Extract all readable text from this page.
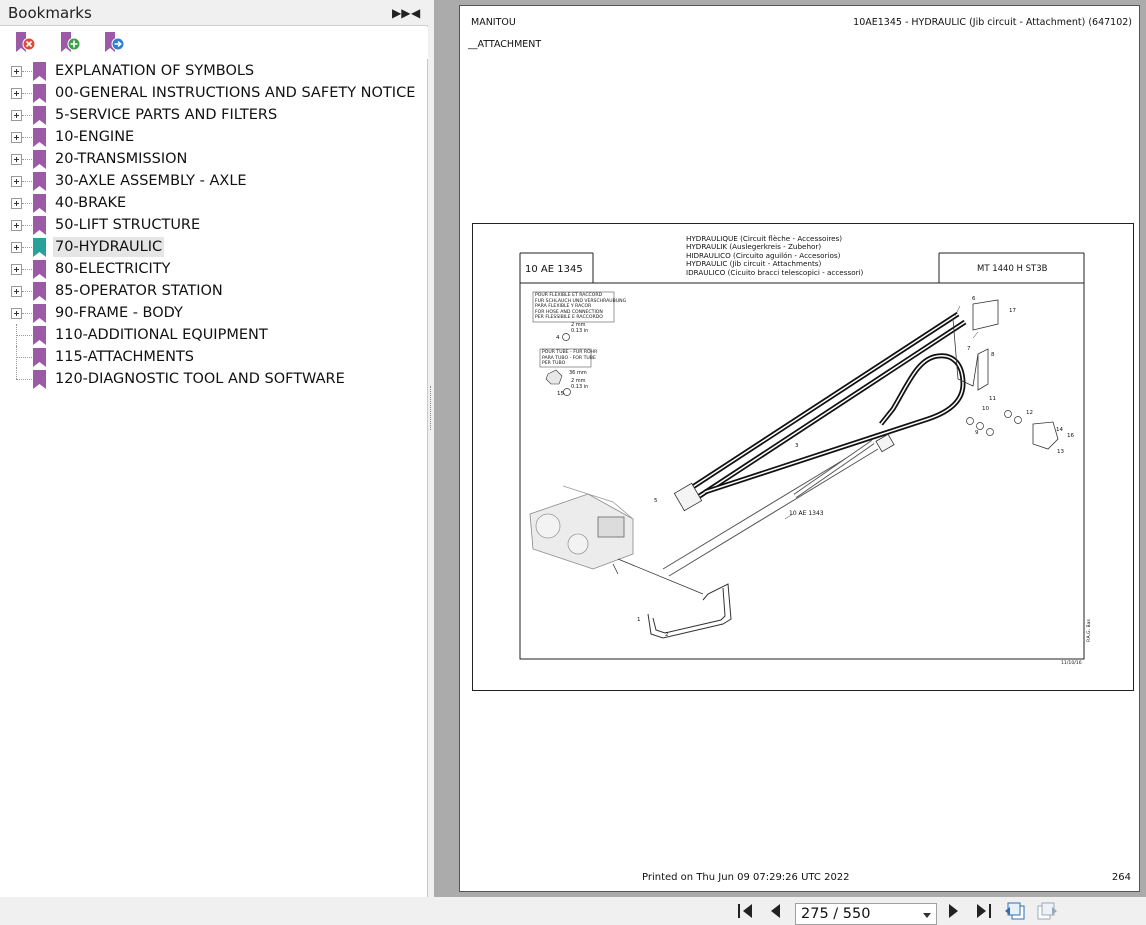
Bookmarks	▶▶ ◀
EXPLANATION OF SYMBOLS
00-GENERAL INSTRUCTIONS AND SAFETY NOTICE
5-SERVICE PARTS AND FILTERS
10-ENGINE
20-TRANSMISSION
30-AXLE ASSEMBLY - AXLE
40-BRAKE
50-LIFT STRUCTURE
70-HYDRAULIC
80-ELECTRICITY
85-OPERATOR STATION
90-FRAME - BODY
110-ADDITIONAL EQUIPMENT
115-ATTACHMENTS
120-DIAGNOSTIC TOOL AND SOFTWARE
MANITOU	10AE1345 - HYDRAULIC (Jib circuit - Attachment) (647102)
__ATTACHMENT
HYDRAULIQUE (Circuit flèche - Accessoires)
HYDRAULIK (Auslegerkreis - Zubehor)
HIDRAULICO (Circuito aguilón - Accesorios)
HYDRAULIC (Jib circuit - Attachments)
IDRAULICO (Cicuito bracci telescopici - accessori)
10 AE 1345	MT 1440 H ST3B
POUR FLEXIBLE ET RACCORD
FUR SCHLAUCH UND VERSCHRAUBUNG
PARA FLEXIBLE Y RACOR
FOR HOSE AND CONNECTION
PER FLESSIBILE E RACCORDO
POUR TUBE - FUR ROHR
PARA TUBO - FOR TUBE
PER TUBO
2 mm
0.13 in
36 mm
2 mm
0.13 in
10 AE 1343
11/10/16
P.A.G. Bas
1
2
3
4
5
6
7
8
9
10
11
12
13
14
15
16
17
Printed on Thu Jun 09 07:29:26 UTC 2022	264
275 / 550
